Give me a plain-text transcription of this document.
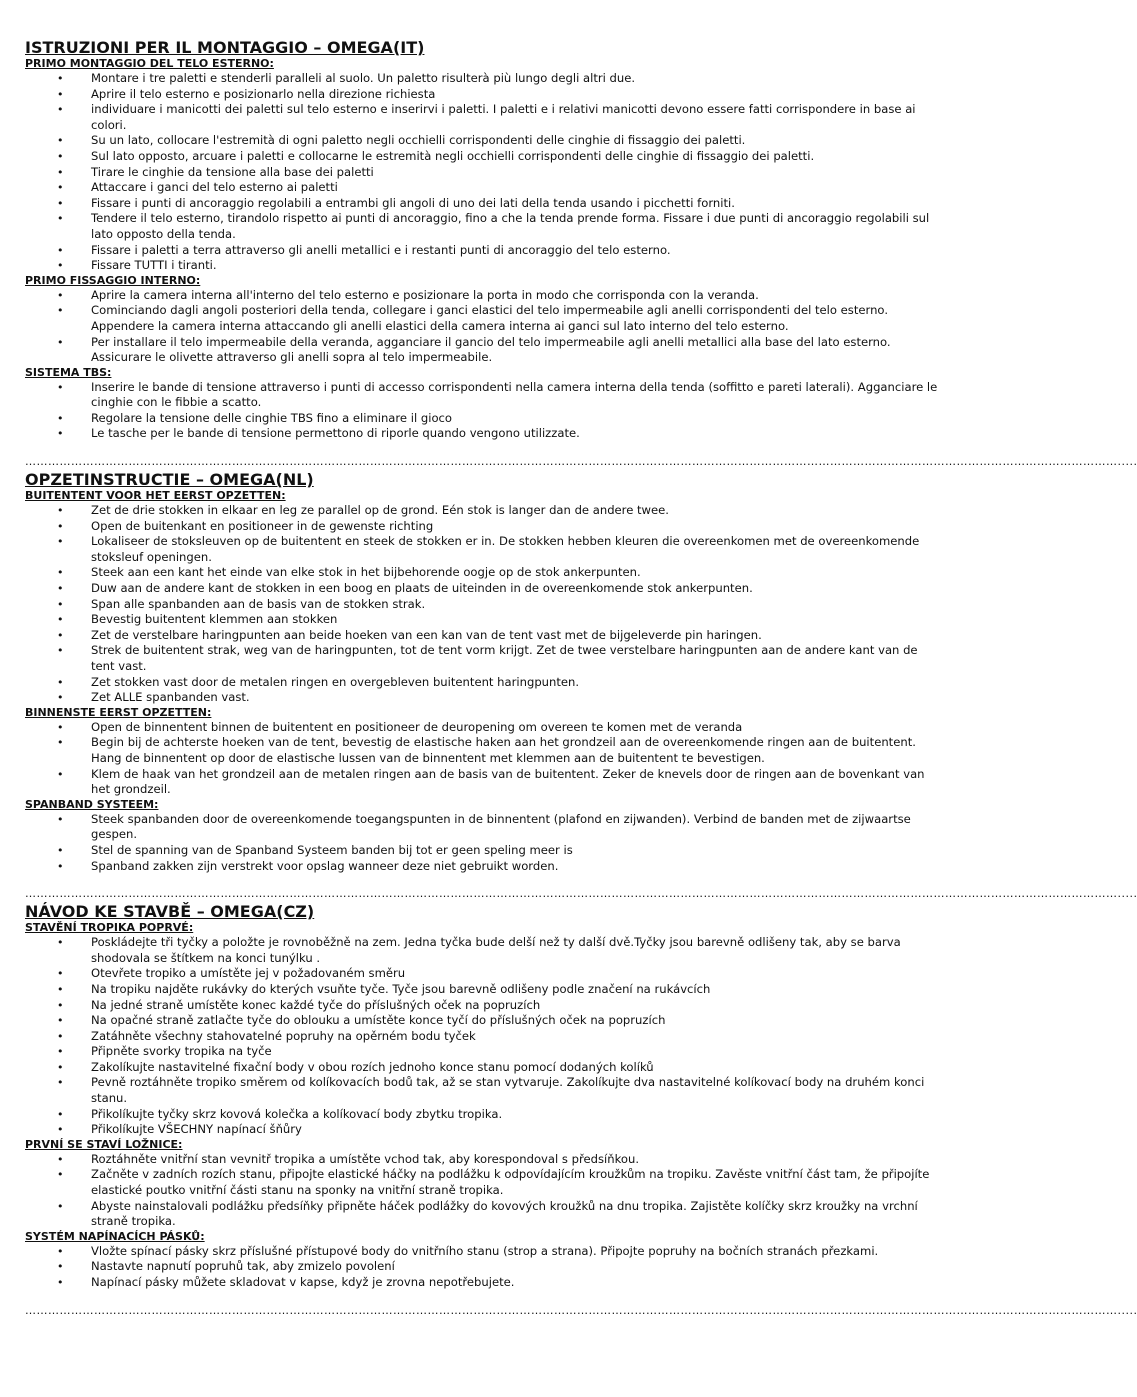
ISTRUZIONI PER IL MONTAGGIO – OMEGA(IT)
PRIMO MONTAGGIO DEL TELO ESTERNO:
• Montare i tre paletti e stenderli paralleli al suolo. Un paletto risulterà più lungo degli altri due.
• Aprire il telo esterno e posizionarlo nella direzione richiesta
• individuare i manicotti dei paletti sul telo esterno e inserirvi i paletti. I paletti e i relativi manicotti devono essere fatti corrispondere in base ai colori.
• Su un lato, collocare l'estremità di ogni paletto negli occhielli corrispondenti delle cinghie di fissaggio dei paletti.
• Sul lato opposto, arcuare i paletti e collocarne le estremità negli occhielli corrispondenti delle cinghie di fissaggio dei paletti.
• Tirare le cinghie da tensione alla base dei paletti
• Attaccare i ganci del telo esterno ai paletti
• Fissare i punti di ancoraggio regolabili a entrambi gli angoli di uno dei lati della tenda usando i picchetti forniti.
• Tendere il telo esterno, tirandolo rispetto ai punti di ancoraggio, fino a che la tenda prende forma. Fissare i due punti di ancoraggio regolabili sul lato opposto della tenda.
• Fissare i paletti a terra attraverso gli anelli metallici e i restanti punti di ancoraggio del telo esterno.
• Fissare TUTTI i tiranti.
PRIMO FISSAGGIO INTERNO:
• Aprire la camera interna all'interno del telo esterno e posizionare la porta in modo che corrisponda con la veranda.
• Cominciando dagli angoli posteriori della tenda, collegare i ganci elastici del telo impermeabile agli anelli corrispondenti del telo esterno. Appendere la camera interna attaccando gli anelli elastici della camera interna ai ganci sul lato interno del telo esterno.
• Per installare il telo impermeabile della veranda, agganciare il gancio del telo impermeabile agli anelli metallici alla base del lato esterno. Assicurare le olivette attraverso gli anelli sopra al telo impermeabile.
SISTEMA TBS:
• Inserire le bande di tensione attraverso i punti di accesso corrispondenti nella camera interna della tenda (soffitto e pareti laterali). Agganciare le cinghie con le fibbie a scatto.
• Regolare la tensione delle cinghie TBS fino a eliminare il gioco
• Le tasche per le bande di tensione permettono di riporle quando vengono utilizzate.
…………………………………………………………………………………………………………………………………………………………………………………………………………………………………………………………….....
OPZETINSTRUCTIE – OMEGA(NL)
BUITENTENT VOOR HET EERST OPZETTEN:
• Zet de drie stokken in elkaar en leg ze parallel op de grond. Eén stok is langer dan de andere twee.
• Open de buitenkant en positioneer in de gewenste richting
• Lokaliseer de stoksleuven op de buitentent en steek de stokken er in. De stokken hebben kleuren die overeenkomen met de overeenkomende stoksleuf openingen.
• Steek aan een kant het einde van elke stok in het bijbehorende oogje op de stok ankerpunten.
• Duw aan de andere kant de stokken in een boog en plaats de uiteinden in de overeenkomende stok ankerpunten.
• Span alle spanbanden aan de basis van de stokken strak.
• Bevestig buitentent klemmen aan stokken
• Zet de verstelbare haringpunten aan beide hoeken van een kan van de tent vast met de bijgeleverde pin haringen.
• Strek de buitentent strak, weg van de haringpunten, tot de tent vorm krijgt. Zet de twee verstelbare haringpunten aan de andere kant van de tent vast.
• Zet stokken vast door de metalen ringen en overgebleven buitentent haringpunten.
• Zet ALLE spanbanden vast.
BINNENSTE EERST OPZETTEN:
• Open de binnentent binnen de buitentent en positioneer de deuropening om overeen te komen met de veranda
• Begin bij de achterste hoeken van de tent, bevestig de elastische haken aan het grondzeil aan de overeenkomende ringen aan de buitentent. Hang de binnentent op door de elastische lussen van de binnentent met klemmen aan de buitentent te bevestigen.
• Klem de haak van het grondzeil aan de metalen ringen aan de basis van de buitentent. Zeker de knevels door de ringen aan de bovenkant van het grondzeil.
SPANBAND SYSTEEM:
• Steek spanbanden door de overeenkomende toegangspunten in de binnentent (plafond en zijwanden). Verbind de banden met de zijwaartse gespen.
• Stel de spanning van de Spanband Systeem banden bij tot er geen speling meer is
• Spanband zakken zijn verstrekt voor opslag wanneer deze niet gebruikt worden.
…………………………………………………………………………………………………………………………………………………………………………………………………………………………………………………………….....
NÁVOD KE STAVBĚ – OMEGA(CZ)
STAVĚNÍ TROPIKA POPRVÉ:
• Poskládejte tři tyčky a položte je rovnoběžně na zem. Jedna tyčka bude delší než ty další dvě.Tyčky jsou barevně odlišeny tak, aby se barva shodovala se štítkem na konci tunýlku .
• Otevřete tropiko a umístěte jej v požadovaném směru
• Na tropiku najděte rukávky do kterých vsuňte tyče. Tyče jsou barevně odlišeny podle značení na rukávcích
• Na jedné straně umístěte konec každé tyče do příslušných oček na popruzích
• Na opačné straně zatlačte tyče do oblouku a umístěte konce tyčí do příslušných oček na popruzích
• Zatáhněte všechny stahovatelné popruhy na opěrném bodu tyček
• Připněte svorky tropika na tyče
• Zakolíkujte nastavitelné fixační body v obou rozích jednoho konce stanu pomocí dodaných kolíků
• Pevně roztáhněte tropiko směrem od kolíkovacích bodů tak, až se stan vytvaruje. Zakolíkujte dva nastavitelné kolíkovací body na druhém konci stanu.
• Přikolíkujte tyčky skrz kovová kolečka a kolíkovací body zbytku tropika.
• Přikolíkujte VŠECHNY napínací šňůry
PRVNÍ SE STAVÍ LOŽNICE:
• Roztáhněte vnitřní stan vevnitř tropika a umístěte vchod tak, aby korespondoval s předsíňkou.
• Začněte v zadních rozích stanu, připojte elastické háčky na podlážku k odpovídajícím kroužkům na tropiku. Zavěste vnitřní část tam, že připojíte elastické poutko vnitřní části stanu na sponky na vnitřní straně tropika.
• Abyste nainstalovali podlážku předsíňky připněte háček podlážky do kovových kroužků na dnu tropika. Zajistěte kolíčky skrz kroužky na vrchní straně tropika.
SYSTÉM NAPÍNACÍCH PÁSKŮ:
• Vložte spínací pásky skrz příslušné přístupové body do vnitřního stanu (strop a strana). Připojte popruhy na bočních stranách přezkami.
• Nastavte napnutí popruhů tak, aby zmizelo povolení
• Napínací pásky můžete skladovat v kapse, když je zrovna nepotřebujete.
…………………………………………………………………………………………………………………………………………………………………………………………………………………………………………………………….....
